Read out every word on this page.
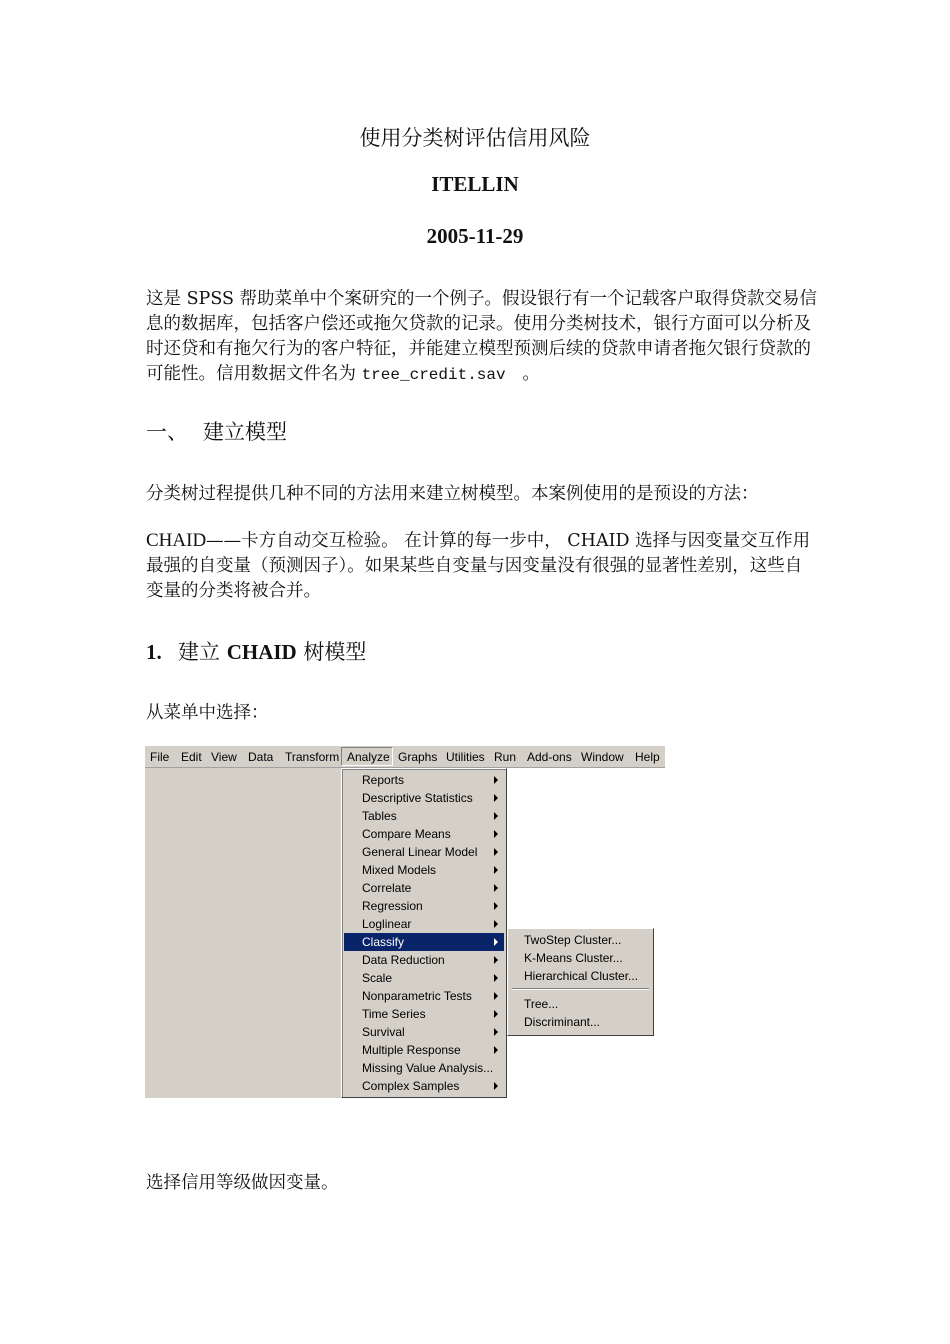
使用分类树评估信用风险
ITELLIN
2005-11-29
这是 SPSS 帮助菜单中个案研究的一个例子。假设银行有一个记载客户取得贷款交易信息的数据库，包括客户偿还或拖欠贷款的记录。使用分类树技术，银行方面可以分析及时还贷和有拖欠行为的客户特征，并能建立模型预测后续的贷款申请者拖欠银行贷款的可能性。信用数据文件名为 tree_credit.sav 。
一、 建立模型
分类树过程提供几种不同的方法用来建立树模型。本案例使用的是预设的方法：
CHAID——卡方自动交互检验。 在计算的每一步中， CHAID 选择与因变量交互作用最强的自变量（预测因子）。如果某些自变量与因变量没有很强的显著性差别，这些自变量的分类将被合并。
1. 建立 CHAID 树模型
从菜单中选择：
File Edit View Data Transform Analyze Graphs Utilities Run Add-ons Window Help
Reports
Descriptive Statistics
Tables
Compare Means
General Linear Model
Mixed Models
Correlate
Regression
Loglinear
Classify
Data Reduction
Scale
Nonparametric Tests
Time Series
Survival
Multiple Response
Missing Value Analysis...
Complex Samples
TwoStep Cluster...
K-Means Cluster...
Hierarchical Cluster...
Tree...
Discriminant...
选择信用等级做因变量。
